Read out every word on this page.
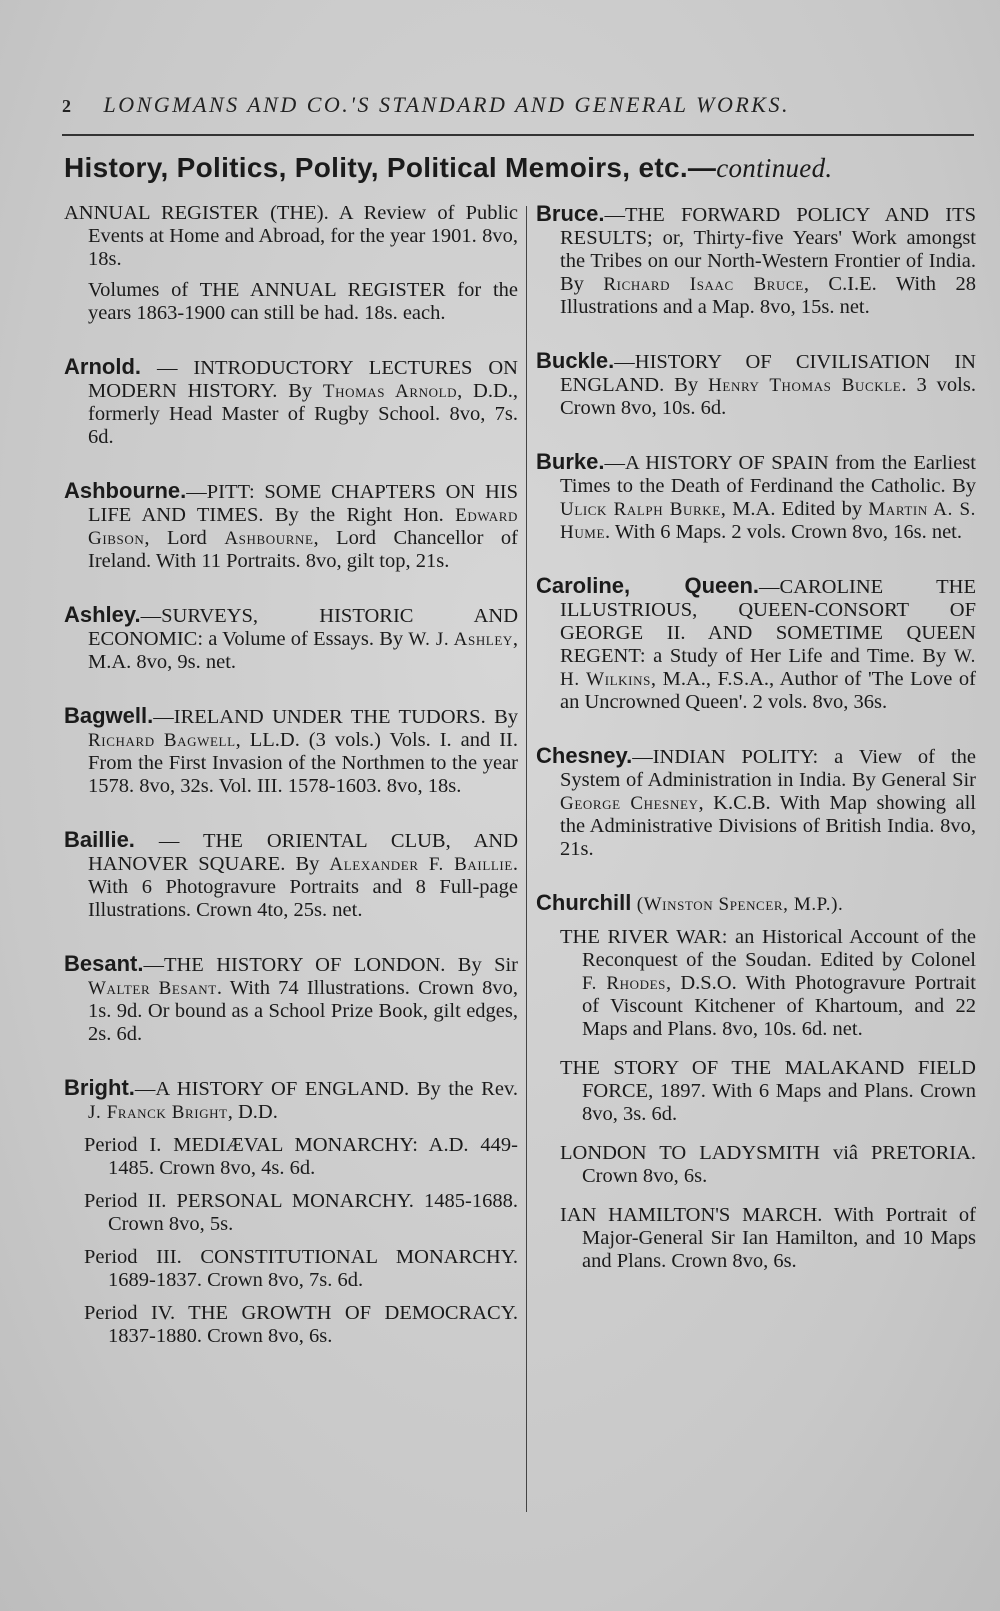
2 LONGMANS AND CO.'S STANDARD AND GENERAL WORKS.
History, Politics, Polity, Political Memoirs, etc.—continued.

ANNUAL REGISTER (THE). A Review of Public Events at Home and Abroad, for the year 1901. 8vo, 18s.

Volumes of THE ANNUAL REGISTER for the years 1863-1900 can still be had. 18s. each.

Arnold. — INTRODUCTORY LECTURES ON MODERN HISTORY. By Thomas Arnold, D.D., formerly Head Master of Rugby School. 8vo, 7s. 6d.

Ashbourne.—PITT: SOME CHAPTERS ON HIS LIFE AND TIMES. By the Right Hon. Edward Gibson, Lord Ashbourne, Lord Chancellor of Ireland. With 11 Portraits. 8vo, gilt top, 21s.

Ashley.—SURVEYS, HISTORIC AND ECONOMIC: a Volume of Essays. By W. J. Ashley, M.A. 8vo, 9s. net.

Bagwell.—IRELAND UNDER THE TUDORS. By Richard Bagwell, LL.D. (3 vols.) Vols. I. and II. From the First Invasion of the Northmen to the year 1578. 8vo, 32s. Vol. III. 1578-1603. 8vo, 18s.

Baillie. — THE ORIENTAL CLUB, AND HANOVER SQUARE. By Alexander F. Baillie. With 6 Photogravure Portraits and 8 Full-page Illustrations. Crown 4to, 25s. net.

Besant.—THE HISTORY OF LONDON. By Sir Walter Besant. With 74 Illustrations. Crown 8vo, 1s. 9d. Or bound as a School Prize Book, gilt edges, 2s. 6d.

Bright.—A HISTORY OF ENGLAND. By the Rev. J. Franck Bright, D.D.

Period I. MEDIÆVAL MONARCHY: A.D. 449-1485. Crown 8vo, 4s. 6d.

Period II. PERSONAL MONARCHY. 1485-1688. Crown 8vo, 5s.

Period III. CONSTITUTIONAL MONARCHY. 1689-1837. Crown 8vo, 7s. 6d.

Period IV. THE GROWTH OF DEMOCRACY. 1837-1880. Crown 8vo, 6s.

Bruce.—THE FORWARD POLICY AND ITS RESULTS; or, Thirty-five Years' Work amongst the Tribes on our North-Western Frontier of India. By Richard Isaac Bruce, C.I.E. With 28 Illustrations and a Map. 8vo, 15s. net.

Buckle.—HISTORY OF CIVILISATION IN ENGLAND. By Henry Thomas Buckle. 3 vols. Crown 8vo, 10s. 6d.

Burke.—A HISTORY OF SPAIN from the Earliest Times to the Death of Ferdinand the Catholic. By Ulick Ralph Burke, M.A. Edited by Martin A. S. Hume. With 6 Maps. 2 vols. Crown 8vo, 16s. net.

Caroline, Queen.—CAROLINE THE ILLUSTRIOUS, QUEEN-CONSORT OF GEORGE II. AND SOMETIME QUEEN REGENT: a Study of Her Life and Time. By W. H. Wilkins, M.A., F.S.A., Author of 'The Love of an Uncrowned Queen'. 2 vols. 8vo, 36s.

Chesney.—INDIAN POLITY: a View of the System of Administration in India. By General Sir George Chesney, K.C.B. With Map showing all the Administrative Divisions of British India. 8vo, 21s.

Churchill (Winston Spencer, M.P.).

THE RIVER WAR: an Historical Account of the Reconquest of the Soudan. Edited by Colonel F. Rhodes, D.S.O. With Photogravure Portrait of Viscount Kitchener of Khartoum, and 22 Maps and Plans. 8vo, 10s. 6d. net.

THE STORY OF THE MALAKAND FIELD FORCE, 1897. With 6 Maps and Plans. Crown 8vo, 3s. 6d.

LONDON TO LADYSMITH viâ PRETORIA. Crown 8vo, 6s.

IAN HAMILTON'S MARCH. With Portrait of Major-General Sir Ian Hamilton, and 10 Maps and Plans. Crown 8vo, 6s.
